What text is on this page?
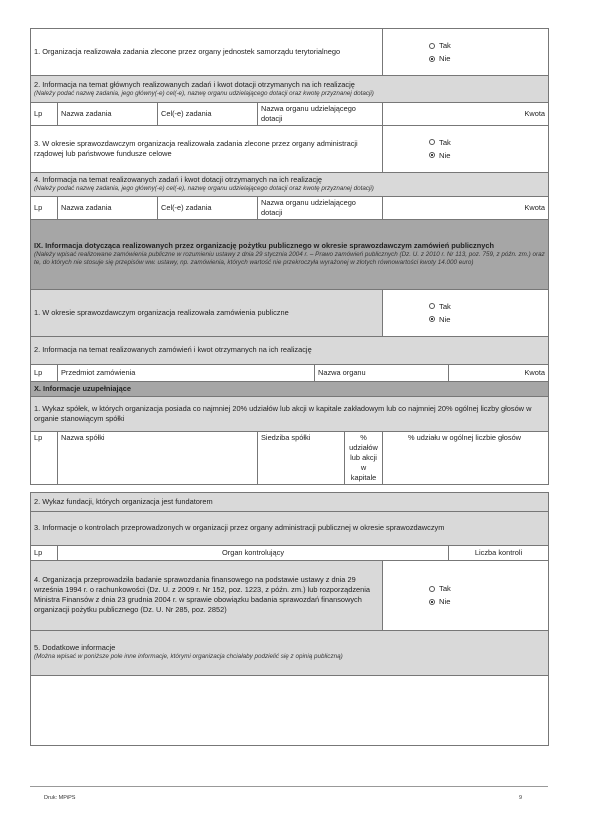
1. Organizacja realizowała zadania zlecone przez organy jednostek samorządu terytorialnego						Tak
Nie	

2. Informacja na temat głównych realizowanych zadań i kwot dotacji otrzymanych na ich realizację
(Należy podać nazwę zadania, jego główny(-e) cel(-e), nazwę organu udzielającego dotacji oraz kwotę przyznanej dotacji)							

Lp	Nazwa zadania	Cel(-e) zadania	Nazwa organu udzielającego dotacji			Kwota	
3. W okresie sprawozdawczym organizacja realizowała zadania zlecone przez organy administracji rządowej lub państwowe fundusze celowe						Tak
Nie	

4. Informacja na temat realizowanych zadań i kwot dotacji otrzymanych na ich realizację
(Należy podać nazwę zadania, jego główny(-e) cel(-e), nazwę organu udzielającego dotacji oraz kwotę przyznanej dotacji)							

Lp	Nazwa zadania	Cel(-e) zadania	Nazwa organu udzielającego dotacji			Kwota	
IX. Informacja dotycząca realizowanych przez organizację pożytku publicznego w okresie sprawozdawczym zamówień publicznych
(Należy wpisać realizowane zamówienia publiczne w rozumieniu ustawy z dnia 29 stycznia 2004 r. – Prawo zamówień publicznych (Dz. U. z 2010 r. Nr 113, poz. 759, z późn. zm.) oraz te, do których nie stosuje się przepisów ww. ustawy, np. zamówienia, których wartość nie przekroczyła wyrażonej w złotych równowartości kwoty 14.000 euro)							

1. W okresie sprawozdawczym organizacja realizowała zamówienia publiczne						Tak
Nie	

2. Informacja na temat realizowanych zamówień i kwot otrzymanych na ich realizację							
Lp	Przedmiot zamówienia			Nazwa organu			Kwota
X. Informacje uzupełniające							
1. Wykaz spółek, w których organizacja posiada co najmniej 20% udziałów lub akcji w kapitale zakładowym lub co najmniej 20% ogólnej liczby głosów w organie stanowiącym spółki							
Lp	Nazwa spółki		Siedziba spółki		% udziałów lub akcji w kapitale	% udziału w ogólnej liczbie głosów	

2. Wykaz fundacji, których organizacja jest fundatorem							
3. Informacje o kontrolach przeprowadzonych w organizacji przez organy administracji publicznej w okresie sprawozdawczym							
Lp	Organ kontrolujący						Liczba kontroli
4. Organizacja przeprowadziła badanie sprawozdania finansowego na podstawie ustawy z dnia 29 września 1994 r. o rachunkowości (Dz. U. z 2009 r. Nr 152, poz. 1223, z późn. zm.) lub rozporządzenia Ministra Finansów z dnia 23 grudnia 2004 r. w sprawie obowiązku badania sprawozdań finansowych organizacji pożytku publicznego (Dz. U. Nr 285, poz. 2852)						Tak
Nie	

5. Dodatkowe informacje
(Można wpisać w poniższe pole inne informacje, którymi organizacja chciałaby podzielić się z opinią publiczną)							

Druk: MPiPS	9
